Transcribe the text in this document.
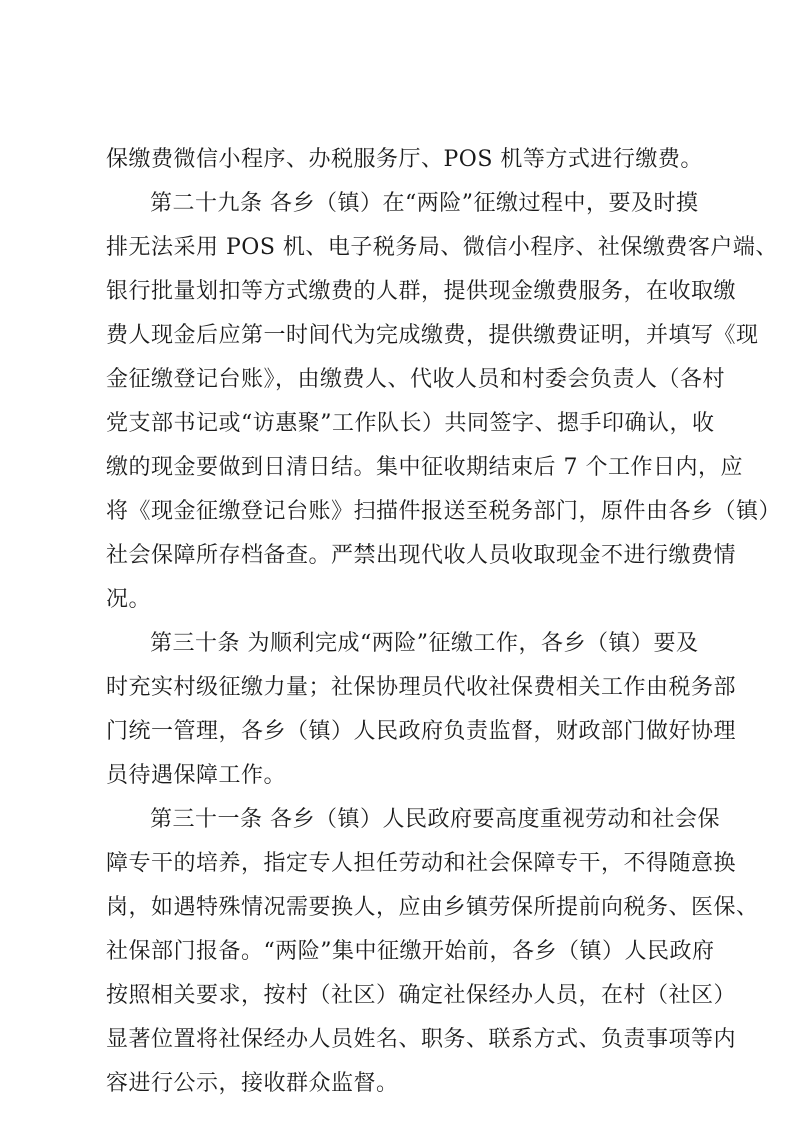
保缴费微信小程序、办税服务厅、POS 机等方式进行缴费。
第二十九条 各乡（镇）在“两险”征缴过程中，要及时摸
排无法采用 POS 机、电子税务局、微信小程序、社保缴费客户端、
银行批量划扣等方式缴费的人群，提供现金缴费服务，在收取缴
费人现金后应第一时间代为完成缴费，提供缴费证明，并填写《现
金征缴登记台账》，由缴费人、代收人员和村委会负责人（各村
党支部书记或“访惠聚”工作队长）共同签字、摁手印确认，收
缴的现金要做到日清日结。集中征收期结束后 7 个工作日内，应
将《现金征缴登记台账》扫描件报送至税务部门，原件由各乡（镇）
社会保障所存档备查。严禁出现代收人员收取现金不进行缴费情
况。
第三十条 为顺利完成“两险”征缴工作，各乡（镇）要及
时充实村级征缴力量；社保协理员代收社保费相关工作由税务部
门统一管理，各乡（镇）人民政府负责监督，财政部门做好协理
员待遇保障工作。
第三十一条 各乡（镇）人民政府要高度重视劳动和社会保
障专干的培养，指定专人担任劳动和社会保障专干，不得随意换
岗，如遇特殊情况需要换人，应由乡镇劳保所提前向税务、医保、
社保部门报备。“两险”集中征缴开始前，各乡（镇）人民政府
按照相关要求，按村（社区）确定社保经办人员，在村（社区）
显著位置将社保经办人员姓名、职务、联系方式、负责事项等内
容进行公示，接收群众监督。
